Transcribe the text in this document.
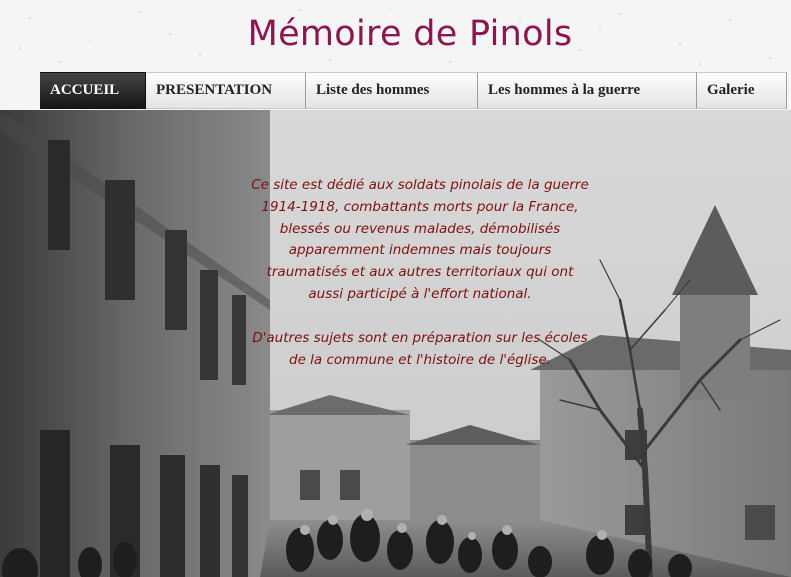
Mémoire de Pinols
ACCUEIL	PRESENTATION	Liste des hommes	Les hommes à la guerre	Galerie

Ce site est dédié aux soldats pinolais de la guerre 1914-1918, combattants morts pour la France, blessés ou revenus malades, démobilisés apparemment indemnes mais toujours traumatisés et aux autres territoriaux qui ont aussi participé à l'effort national.

D'autres sujets sont en préparation sur les écoles de la commune et l'histoire de l'église.
